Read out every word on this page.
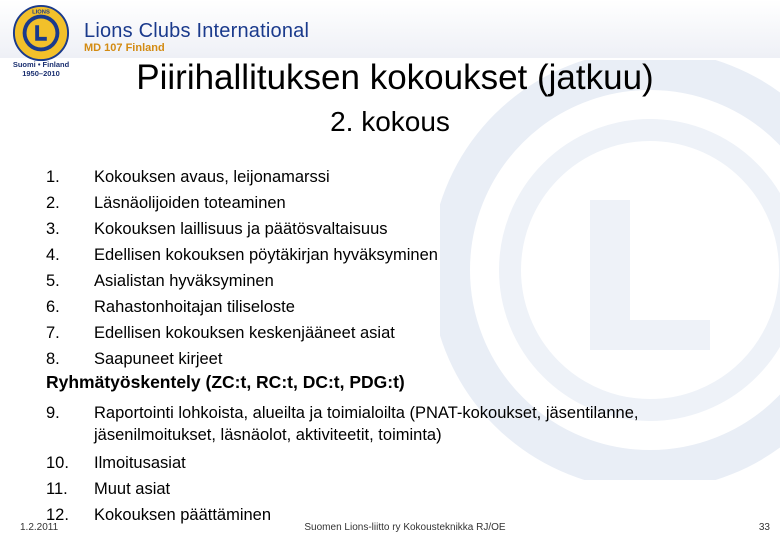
LIONS
Suomi • Finland
1950–2010
Lions Clubs International
MD 107 Finland
Piirihallituksen kokoukset (jatkuu)
2. kokous
1.	Kokouksen avaus, leijonamarssi
2.	Läsnäolijoiden toteaminen
3.	Kokouksen laillisuus ja päätösvaltaisuus
4.	Edellisen kokouksen pöytäkirjan hyväksyminen
5.	Asialistan hyväksyminen
6.	Rahastonhoitajan tiliseloste
7.	Edellisen kokouksen keskenjääneet asiat
8.	Saapuneet kirjeet
Ryhmätyöskentely (ZC:t, RC:t, DC:t, PDG:t)
9.	Raportointi lohkoista, alueilta ja toimialoilta (PNAT-kokoukset, jäsentilanne, jäsenilmoitukset, läsnäolot, aktiviteetit, toiminta)
10.	Ilmoitusasiat
11.	Muut asiat
12.	Kokouksen päättäminen
1.2.2011	Suomen Lions-liitto ry Kokousteknikka RJ/OE	33
